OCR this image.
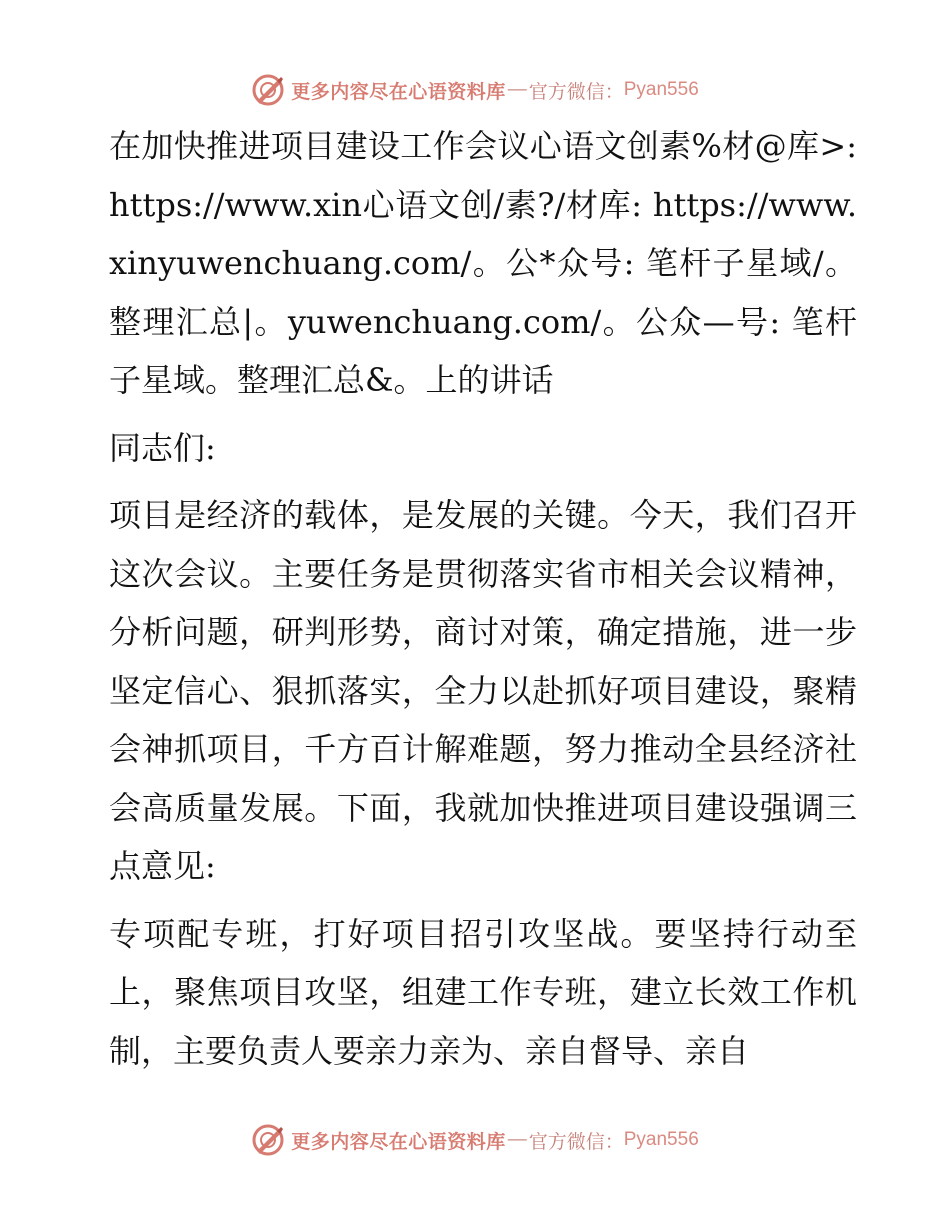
更多内容尽在心语资料库 — 官方微信： Pyan556

在加快推进项目建设工作会议心语文创素%材@库>: https://www.xin心语文创/素?/材库: https://www.xinyuwenchuang.com/。公*众号: 笔杆子星域/。整理汇总|。yuwenchuang.com/。公众—号: 笔杆子星域。整理汇总&。上的讲话

同志们:

项目是经济的载体，是发展的关键。今天，我们召开这次会议。主要任务是贯彻落实省市相关会议精神，分析问题，研判形势，商讨对策，确定措施，进一步坚定信心、狠抓落实，全力以赴抓好项目建设，聚精会神抓项目，千方百计解难题，努力推动全县经济社会高质量发展。下面，我就加快推进项目建设强调三点意见:

专项配专班，打好项目招引攻坚战。要坚持行动至上，聚焦项目攻坚，组建工作专班，建立长效工作机制，主要负责人要亲力亲为、亲自督导、亲自

更多内容尽在心语资料库 — 官方微信： Pyan556
